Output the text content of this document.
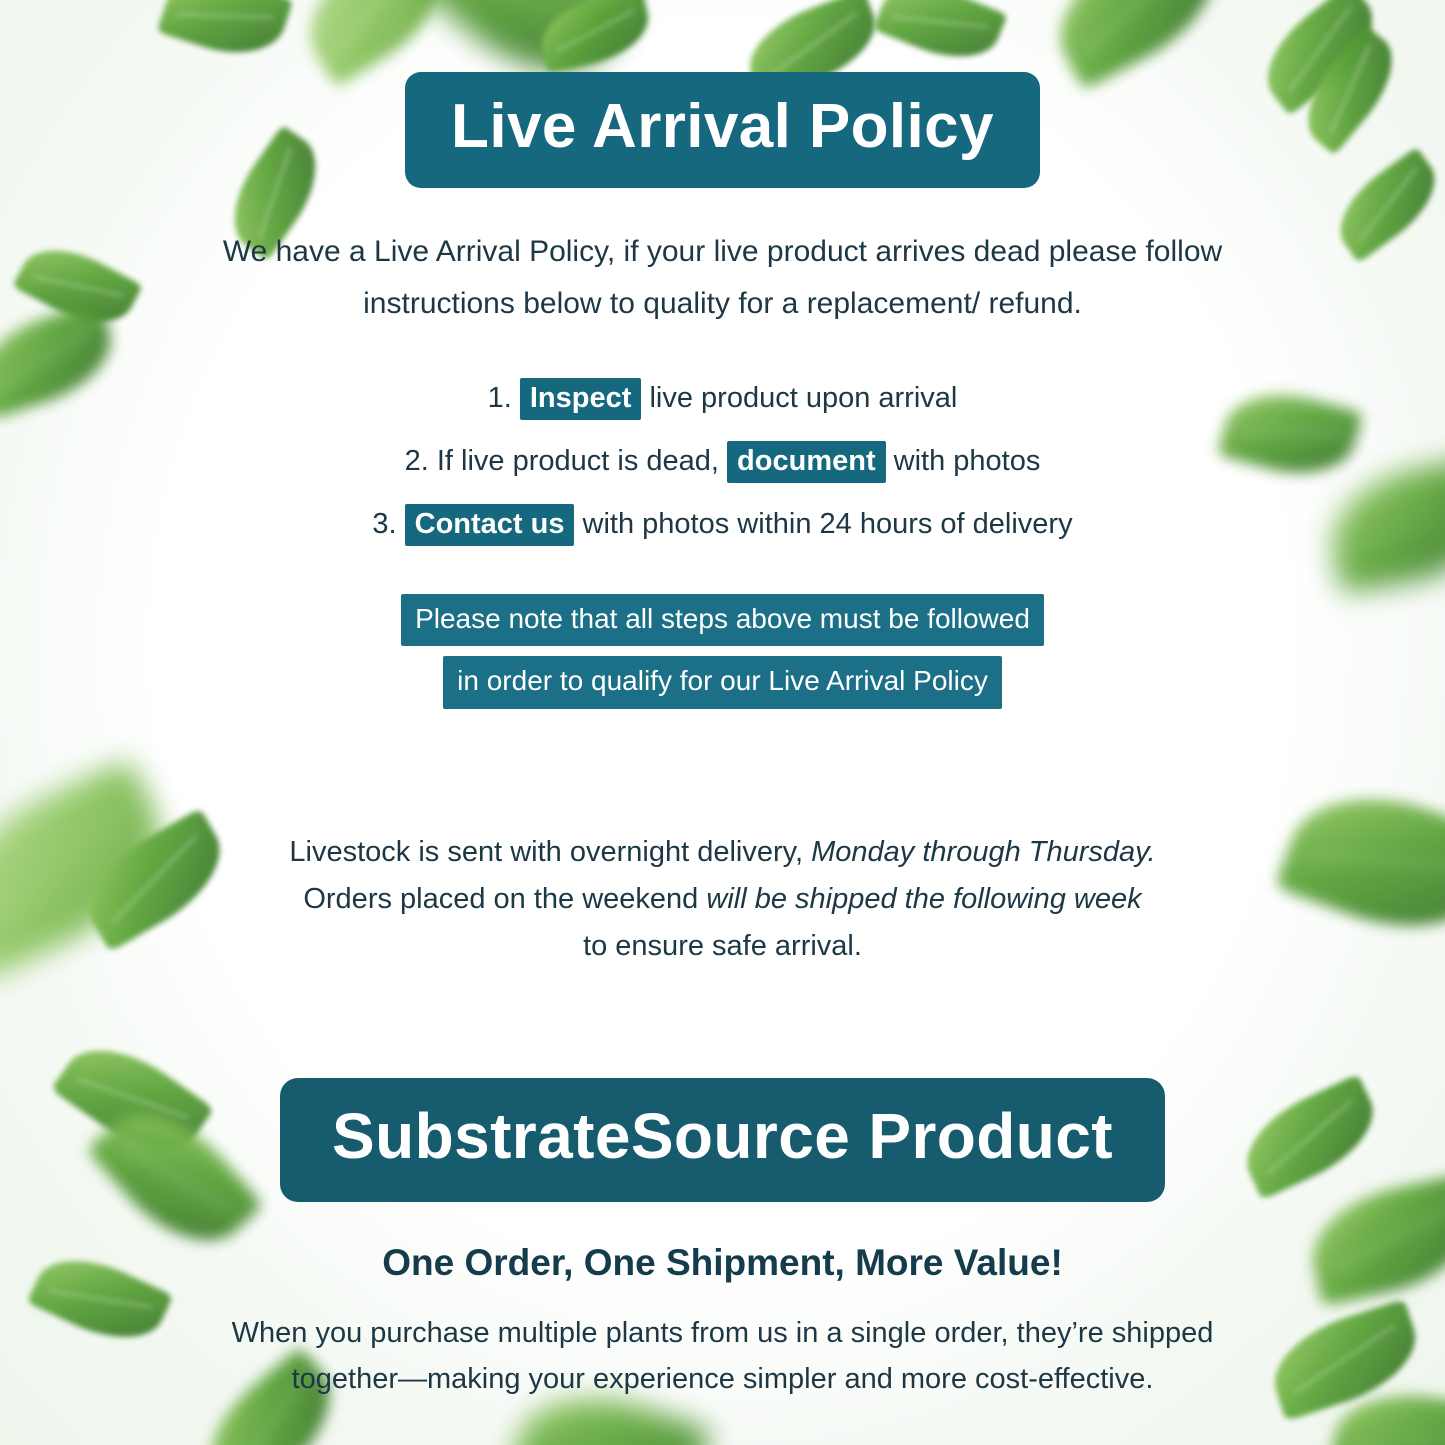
Live Arrival Policy
We have a Live Arrival Policy, if your live product arrives dead please follow
instructions below to quality for a replacement/ refund.
1. Inspect live product upon arrival
2. If live product is dead, document with photos
3. Contact us with photos within 24 hours of delivery
Please note that all steps above must be followed
in order to qualify for our Live Arrival Policy
Livestock is sent with overnight delivery, Monday through Thursday.
Orders placed on the weekend will be shipped the following week
to ensure safe arrival.
SubstrateSource Product
One Order, One Shipment, More Value!
When you purchase multiple plants from us in a single order, they’re shipped
together—making your experience simpler and more cost-effective.
